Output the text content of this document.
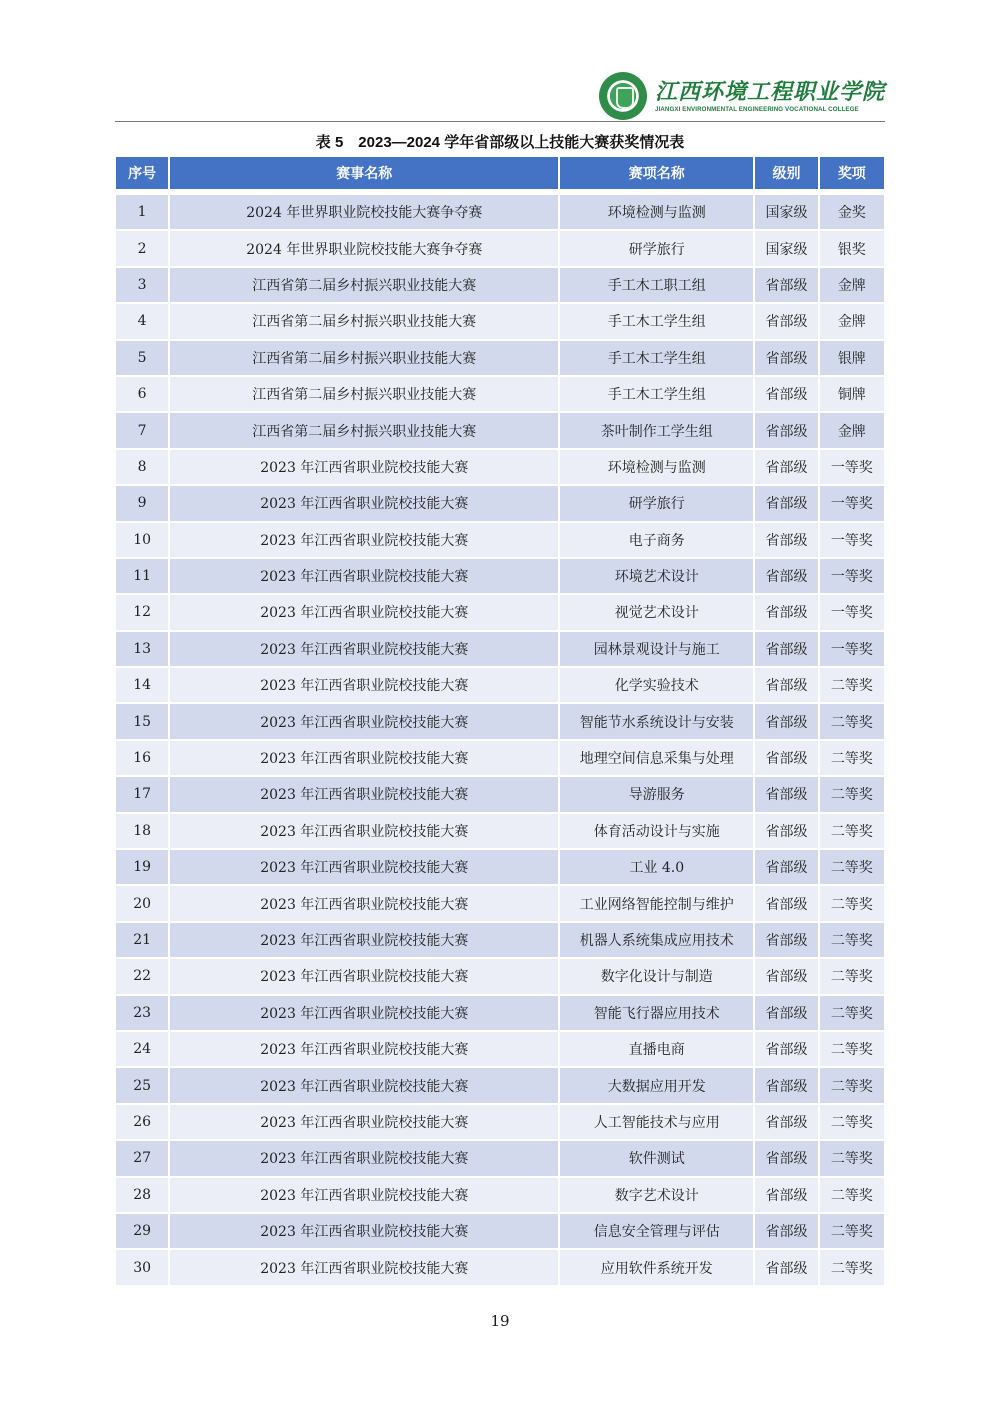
江西环境工程职业学院
JIANGXI ENVIRONMENTAL ENGINEERING VOCATIONAL COLLEGE
表 5　2023—2024 学年省部级以上技能大赛获奖情况表
序号	赛事名称	赛项名称	级别	奖项

1	2024 年世界职业院校技能大赛争夺赛	环境检测与监测	国家级	金奖
2	2024 年世界职业院校技能大赛争夺赛	研学旅行	国家级	银奖
3	江西省第二届乡村振兴职业技能大赛	手工木工职工组	省部级	金牌
4	江西省第二届乡村振兴职业技能大赛	手工木工学生组	省部级	金牌
5	江西省第二届乡村振兴职业技能大赛	手工木工学生组	省部级	银牌
6	江西省第二届乡村振兴职业技能大赛	手工木工学生组	省部级	铜牌
7	江西省第二届乡村振兴职业技能大赛	茶叶制作工学生组	省部级	金牌
8	2023 年江西省职业院校技能大赛	环境检测与监测	省部级	一等奖
9	2023 年江西省职业院校技能大赛	研学旅行	省部级	一等奖
10	2023 年江西省职业院校技能大赛	电子商务	省部级	一等奖
11	2023 年江西省职业院校技能大赛	环境艺术设计	省部级	一等奖
12	2023 年江西省职业院校技能大赛	视觉艺术设计	省部级	一等奖
13	2023 年江西省职业院校技能大赛	园林景观设计与施工	省部级	一等奖
14	2023 年江西省职业院校技能大赛	化学实验技术	省部级	二等奖
15	2023 年江西省职业院校技能大赛	智能节水系统设计与安装	省部级	二等奖
16	2023 年江西省职业院校技能大赛	地理空间信息采集与处理	省部级	二等奖
17	2023 年江西省职业院校技能大赛	导游服务	省部级	二等奖
18	2023 年江西省职业院校技能大赛	体育活动设计与实施	省部级	二等奖
19	2023 年江西省职业院校技能大赛	工业 4.0	省部级	二等奖
20	2023 年江西省职业院校技能大赛	工业网络智能控制与维护	省部级	二等奖
21	2023 年江西省职业院校技能大赛	机器人系统集成应用技术	省部级	二等奖
22	2023 年江西省职业院校技能大赛	数字化设计与制造	省部级	二等奖
23	2023 年江西省职业院校技能大赛	智能飞行器应用技术	省部级	二等奖
24	2023 年江西省职业院校技能大赛	直播电商	省部级	二等奖
25	2023 年江西省职业院校技能大赛	大数据应用开发	省部级	二等奖
26	2023 年江西省职业院校技能大赛	人工智能技术与应用	省部级	二等奖
27	2023 年江西省职业院校技能大赛	软件测试	省部级	二等奖
28	2023 年江西省职业院校技能大赛	数字艺术设计	省部级	二等奖
29	2023 年江西省职业院校技能大赛	信息安全管理与评估	省部级	二等奖
30	2023 年江西省职业院校技能大赛	应用软件系统开发	省部级	二等奖
19
